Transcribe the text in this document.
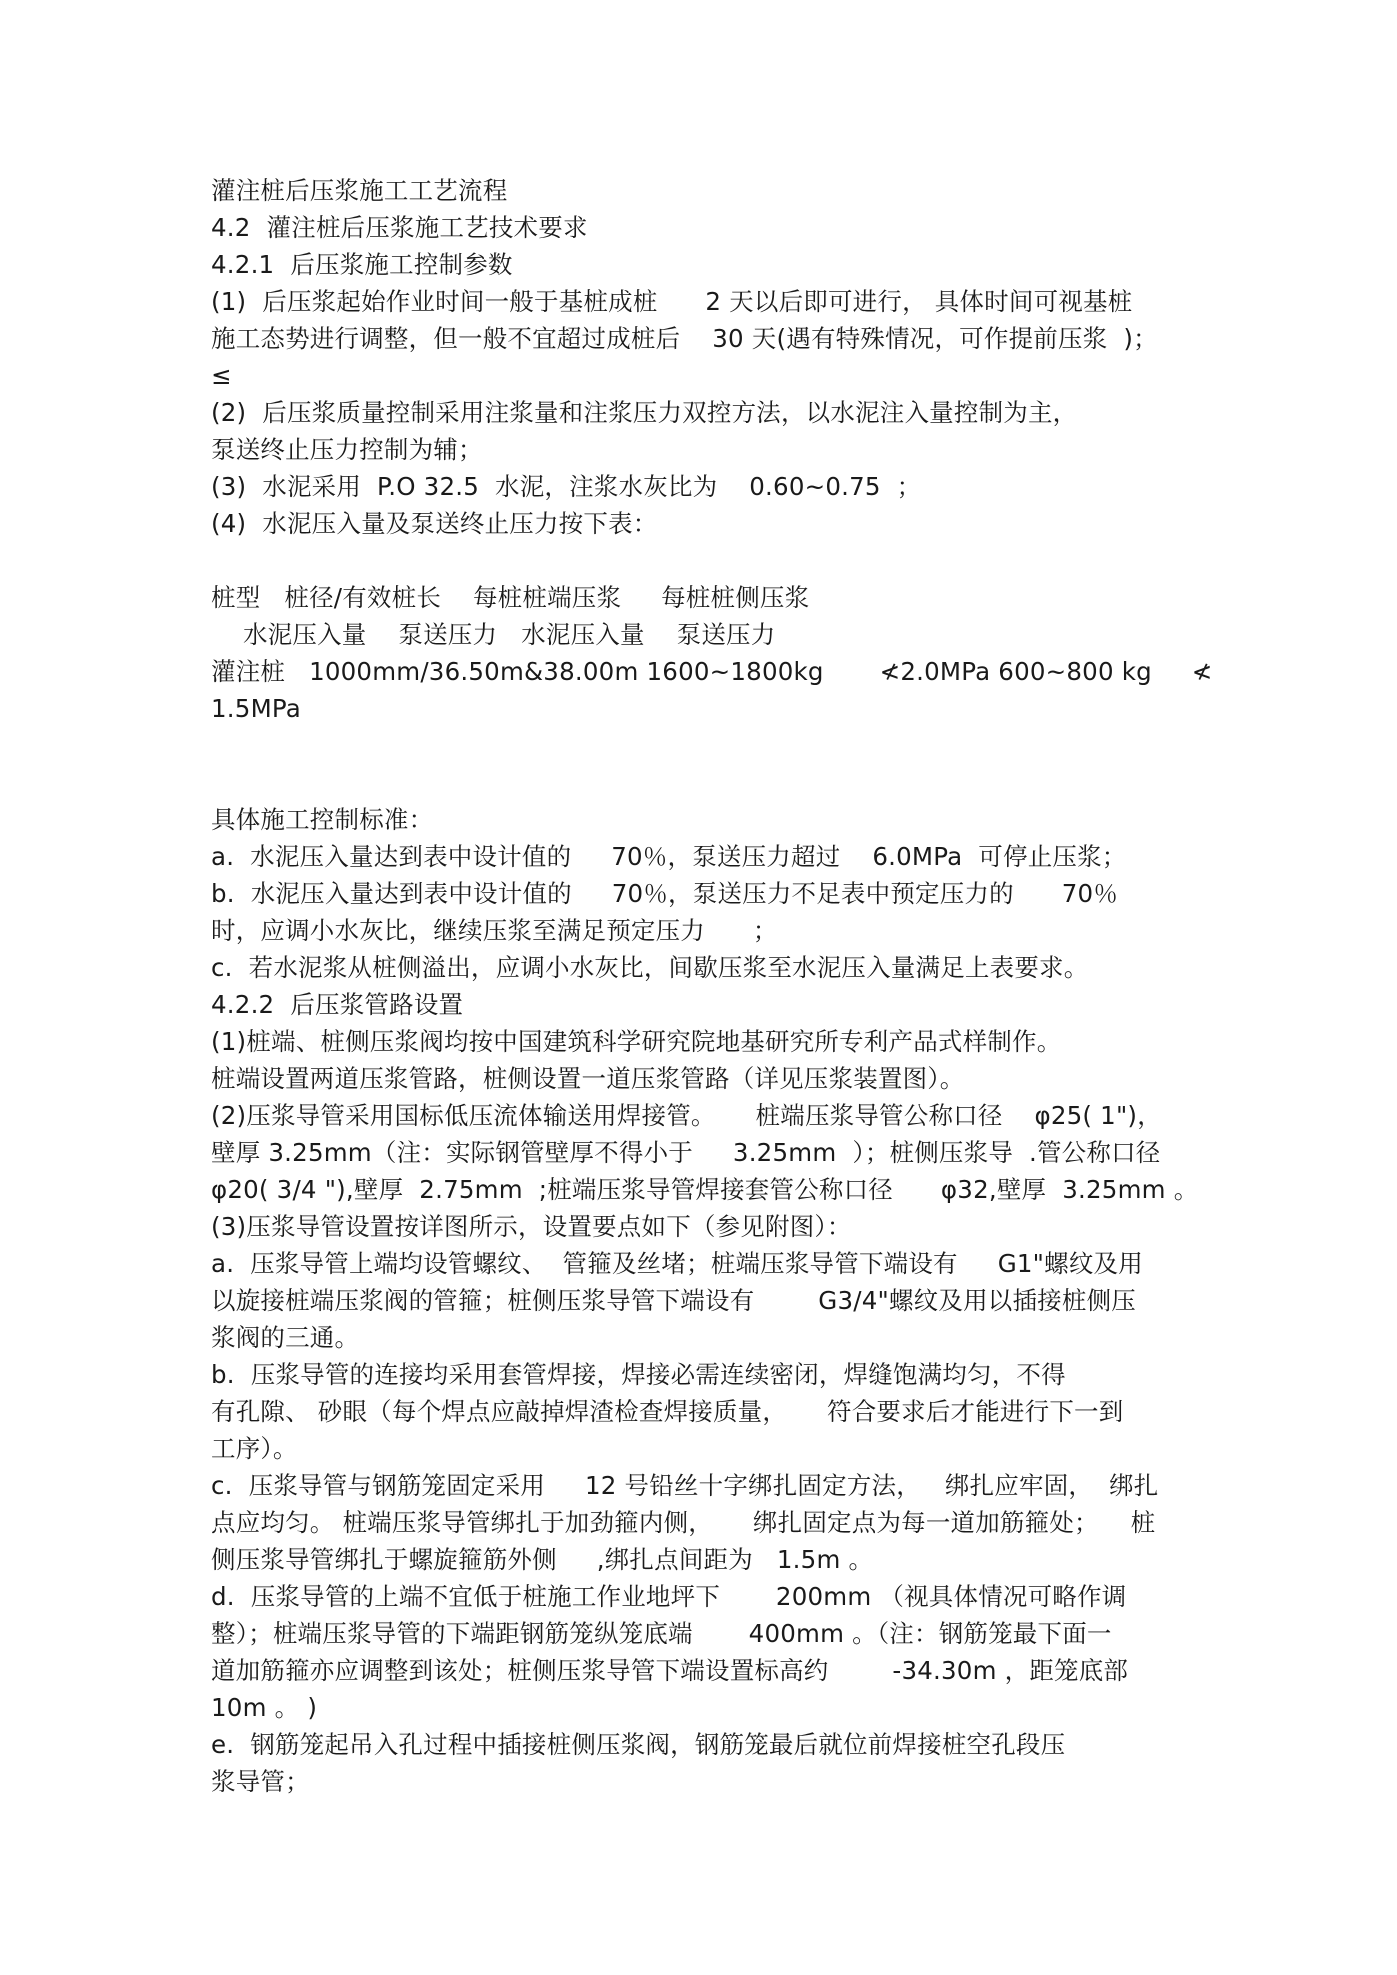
灌注桩后压浆施工工艺流程
4.2  灌注桩后压浆施工艺技术要求
4.2.1  后压浆施工控制参数
(1)  后压浆起始作业时间一般于基桩成桩      2 天以后即可进行， 具体时间可视基桩
施工态势进行调整，但一般不宜超过成桩后    30 天(遇有特殊情况，可作提前压浆  )；
≤
(2)  后压浆质量控制采用注浆量和注浆压力双控方法，以水泥注入量控制为主，
泵送终止压力控制为辅；
(3)  水泥采用  P.O 32.5  水泥，注浆水灰比为    0.60~0.75  ；
(4)  水泥压入量及泵送终止压力按下表：
桩型   桩径/有效桩长    每桩桩端压浆     每桩桩侧压浆
水泥压入量    泵送压力   水泥压入量    泵送压力
灌注桩   1000mm/36.50m&38.00m 1600~1800kg       ≮2.0MPa 600~800 kg     ≮
1.5MPa
具体施工控制标准：
a.  水泥压入量达到表中设计值的     70％，泵送压力超过    6.0MPa  可停止压浆；
b.  水泥压入量达到表中设计值的     70％，泵送压力不足表中预定压力的      70％
时，应调小水灰比，继续压浆至满足预定压力      ；
c.  若水泥浆从桩侧溢出，应调小水灰比，间歇压浆至水泥压入量满足上表要求。
4.2.2  后压浆管路设置
(1)桩端、桩侧压浆阀均按中国建筑科学研究院地基研究所专利产品式样制作。
桩端设置两道压浆管路，桩侧设置一道压浆管路（详见压浆装置图）。
(2)压浆导管采用国标低压流体输送用焊接管。     桩端压浆导管公称口径    φ25( 1")，
壁厚 3.25mm（注：实际钢管壁厚不得小于     3.25mm  ）；桩侧压浆导  .管公称口径
φ20( 3/4 "),壁厚  2.75mm  ;桩端压浆导管焊接套管公称口径      φ32,壁厚  3.25mm 。
(3)压浆导管设置按详图所示，设置要点如下（参见附图）：
a.  压浆导管上端均设管螺纹、  管箍及丝堵；桩端压浆导管下端设有     G1"螺纹及用
以旋接桩端压浆阀的管箍；桩侧压浆导管下端设有        G3/4"螺纹及用以插接桩侧压
浆阀的三通。
b.  压浆导管的连接均采用套管焊接，焊接必需连续密闭，焊缝饱满均匀，不得
有孔隙、 砂眼（每个焊点应敲掉焊渣检查焊接质量，     符合要求后才能进行下一到
工序）。
c.  压浆导管与钢筋笼固定采用     12 号铅丝十字绑扎固定方法，   绑扎应牢固，  绑扎
点应均匀。 桩端压浆导管绑扎于加劲箍内侧，     绑扎固定点为每一道加筋箍处；    桩
侧压浆导管绑扎于螺旋箍筋外侧     ,绑扎点间距为   1.5m 。
d.  压浆导管的上端不宜低于桩施工作业地坪下       200mm （视具体情况可略作调
整）；桩端压浆导管的下端距钢筋笼纵笼底端       400mm 。（注：钢筋笼最下面一
道加筋箍亦应调整到该处；桩侧压浆导管下端设置标高约        -34.30m ，距笼底部
10m 。 )
e.  钢筋笼起吊入孔过程中插接桩侧压浆阀，钢筋笼最后就位前焊接桩空孔段压
浆导管；
